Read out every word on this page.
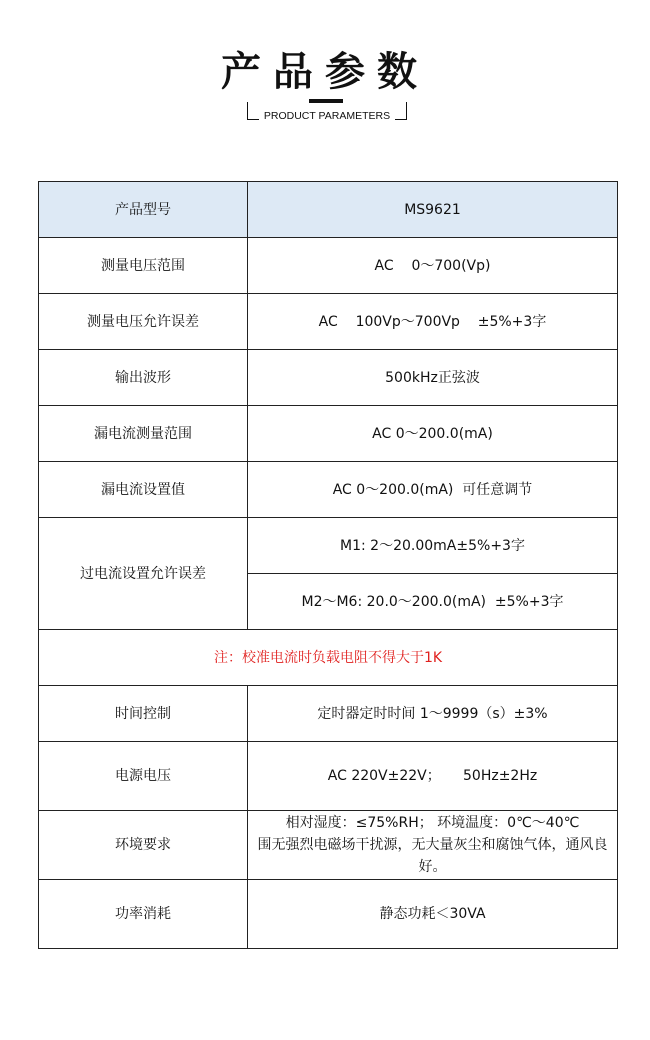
产品参数
PRODUCT PARAMETERS
产品型号	MS9621
测量电压范围	AC    0～700(Vp)
测量电压允许误差	AC    100Vp～700Vp    ±5%+3字
输出波形	500kHz正弦波
漏电流测量范围	AC 0～200.0(mA)
漏电流设置值	AC 0～200.0(mA)  可任意调节
过电流设置允许误差	M1: 2～20.00mA±5%+3字
	M2～M6: 20.0～200.0(mA)  ±5%+3字
注：校准电流时负载电阻不得大于1K	
时间控制	定时器定时时间 1～9999（s）±3%
电源电压	AC 220V±22V；     50Hz±2Hz
环境要求	相对湿度：≤75%RH； 环境温度：0℃～40℃
围无强烈电磁场干扰源，无大量灰尘和腐蚀气体，通风良好。

功率消耗	静态功耗＜30VA
